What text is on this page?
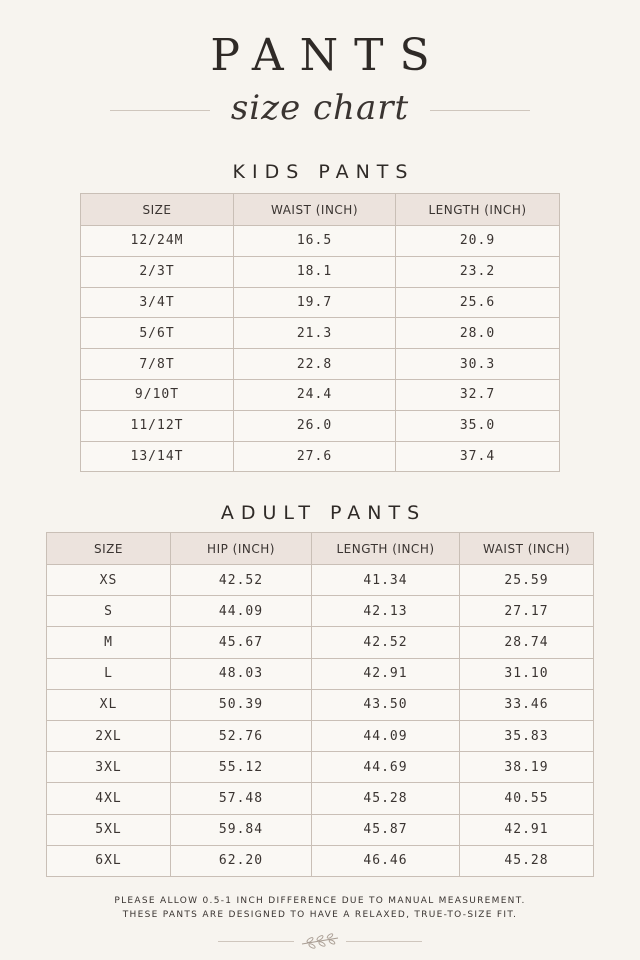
PANTS
size chart
KIDS PANTS
SIZE	WAIST (INCH)	LENGTH (INCH)
12/24M	16.5	20.9
2/3T	18.1	23.2
3/4T	19.7	25.6
5/6T	21.3	28.0
7/8T	22.8	30.3
9/10T	24.4	32.7
11/12T	26.0	35.0
13/14T	27.6	37.4
ADULT PANTS
SIZE	HIP (INCH)	LENGTH (INCH)	WAIST (INCH)
XS	42.52	41.34	25.59
S	44.09	42.13	27.17
M	45.67	42.52	28.74
L	48.03	42.91	31.10
XL	50.39	43.50	33.46
2XL	52.76	44.09	35.83
3XL	55.12	44.69	38.19
4XL	57.48	45.28	40.55
5XL	59.84	45.87	42.91
6XL	62.20	46.46	45.28
PLEASE ALLOW 0.5-1 INCH DIFFERENCE DUE TO MANUAL MEASUREMENT.
THESE PANTS ARE DESIGNED TO HAVE A RELAXED, TRUE-TO-SIZE FIT.
